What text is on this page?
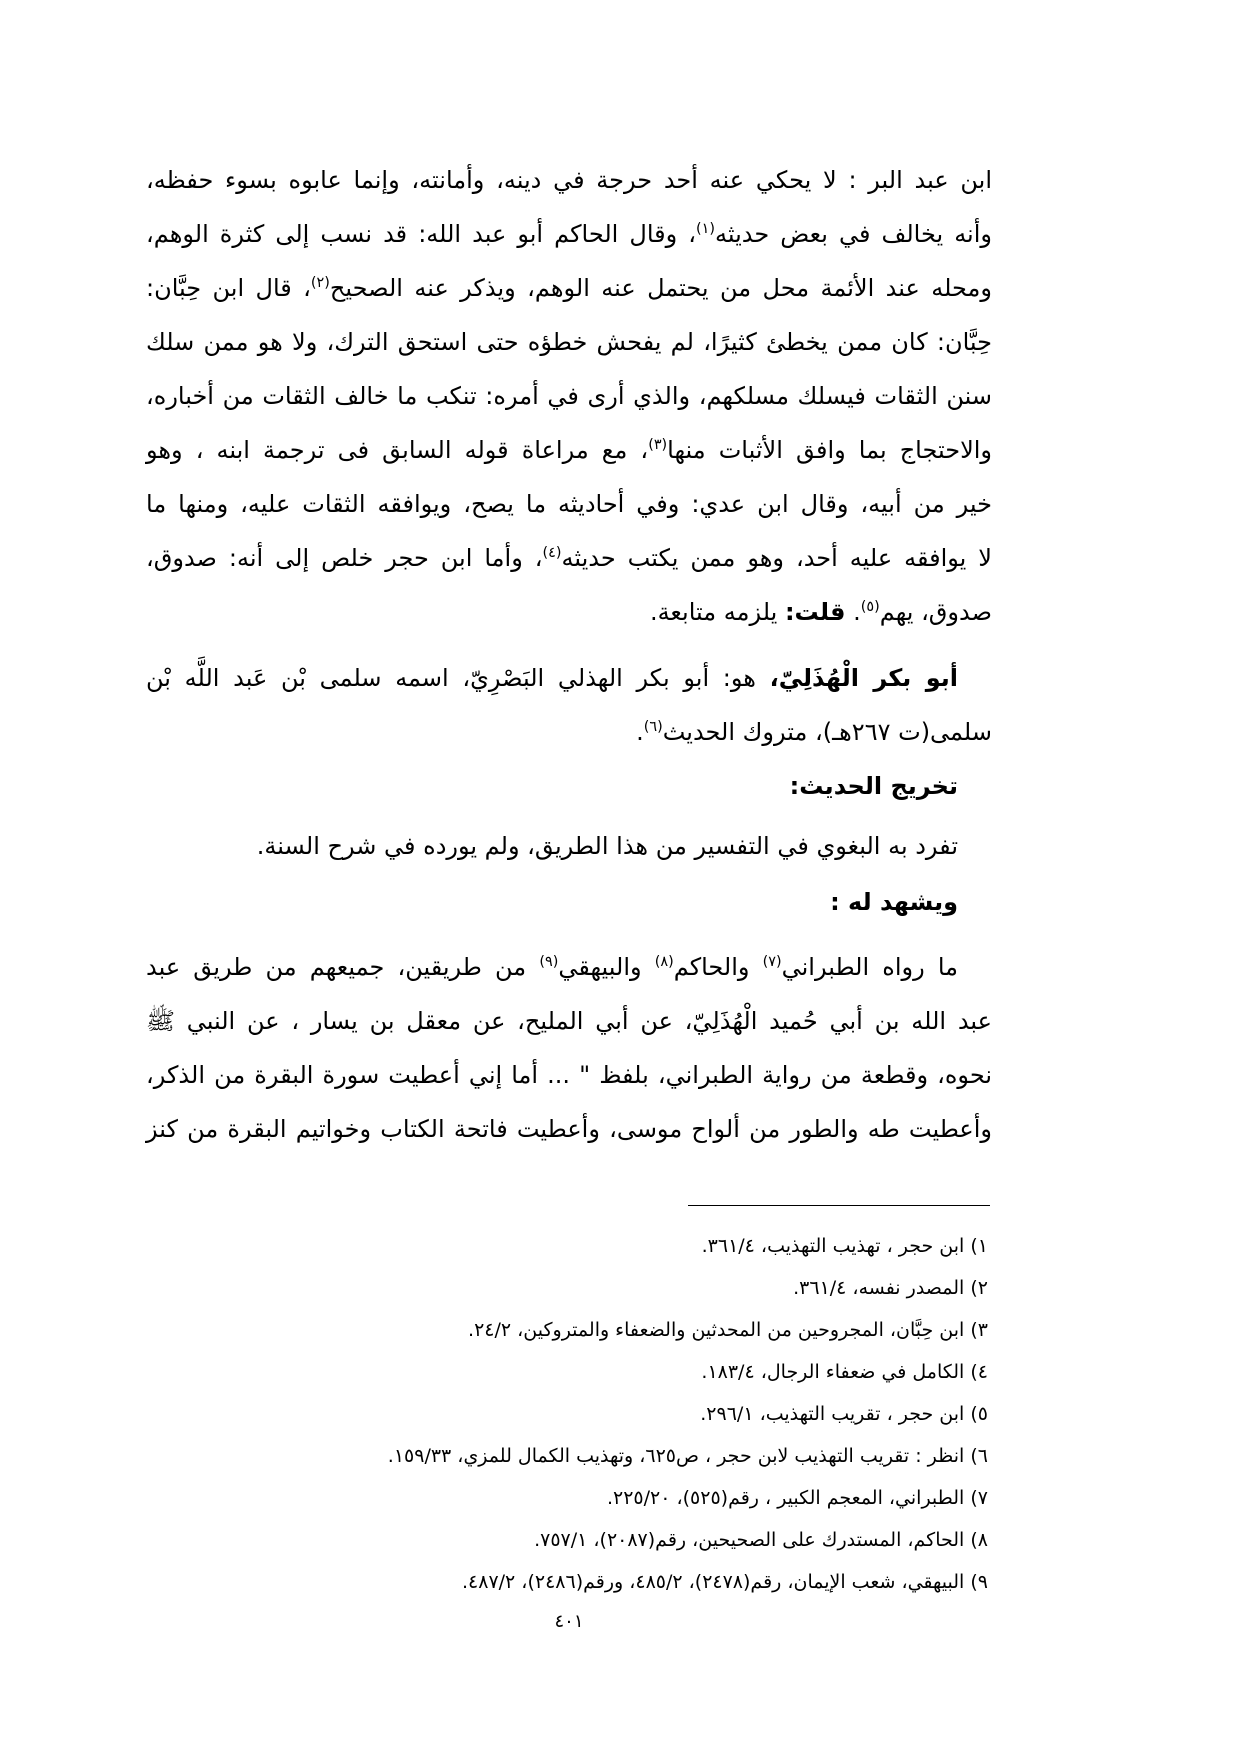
ابن عبد البر : لا يحكي عنه أحد حرجة في دينه، وأمانته، وإنما عابوه بسوء حفظه،
وأنه يخالف في بعض حديثه$^{(١)}$، وقال الحاكم أبو عبد الله: قد نسب إلى كثرة الوهم،
ومحله عند الأئمة محل من يحتمل عنه الوهم، ويذكر عنه الصحيح$^{(٢)}$، قال ابن حِبَّان:
حِبَّان: كان ممن يخطئ كثيرًا، لم يفحش خطؤه حتى استحق الترك، ولا هو ممن سلك
سنن الثقات فيسلك مسلكهم، والذي أرى في أمره: تنكب ما خالف الثقات من أخباره،
والاحتجاج بما وافق الأثبات منها$^{(٣)}$، مع مراعاة قوله السابق فى ترجمة ابنه ، وهو
خير من أبيه، وقال ابن عدي: وفي أحاديثه ما يصح، ويوافقه الثقات عليه، ومنها ما
لا يوافقه عليه أحد، وهو ممن يكتب حديثه$^{(٤)}$، وأما ابن حجر خلص إلى أنه: صدوق،
صدوق، يهم$^{(٥)}$. قلت: يلزمه متابعة.
أبو بكر الْهُذَلِيّ، هو: أبو بكر الهذلي البَصْرِيّ، اسمه سلمى بْن عَبد اللَّه بْن
سلمى(ت ٢٦٧هـ)، متروك الحديث$^{(٦)}$.
تخريج الحديث:
تفرد به البغوي في التفسير من هذا الطريق، ولم يورده في شرح السنة.
ويشهد له :
ما رواه الطبراني$^{(٧)}$ والحاكم$^{(٨)}$ والبيهقي$^{(٩)}$ من طريقين، جميعهم من طريق عبد
عبد الله بن أبي حُميد الْهُذَلِيّ، عن أبي المليح، عن معقل بن يسار ، عن النبي ﷺ
نحوه، وقطعة من رواية الطبراني، بلفظ " ... أما إني أعطيت سورة البقرة من الذكر،
وأعطيت طه والطور من ألواح موسى، وأعطيت فاتحة الكتاب وخواتيم البقرة من كنز
١) ابن حجر ، تهذيب التهذيب، ٣٦١/٤.
٢) المصدر نفسه، ٣٦١/٤.
٣) ابن حِبَّان، المجروحين من المحدثين والضعفاء والمتروكين، ٢٤/٢.
٤) الكامل في ضعفاء الرجال، ١٨٣/٤.
٥) ابن حجر ، تقريب التهذيب، ٢٩٦/١.
٦) انظر : تقريب التهذيب لابن حجر ، ص٦٢٥، وتهذيب الكمال للمزي، ١٥٩/٣٣.
٧) الطبراني، المعجم الكبير ، رقم(٥٢٥)، ٢٢٥/٢٠.
٨) الحاكم، المستدرك على الصحيحين، رقم(٢٠٨٧)، ٧٥٧/١.
٩) البيهقي، شعب الإيمان، رقم(٢٤٧٨)، ٤٨٥/٢، ورقم(٢٤٨٦)، ٤٨٧/٢.
٤٠١
